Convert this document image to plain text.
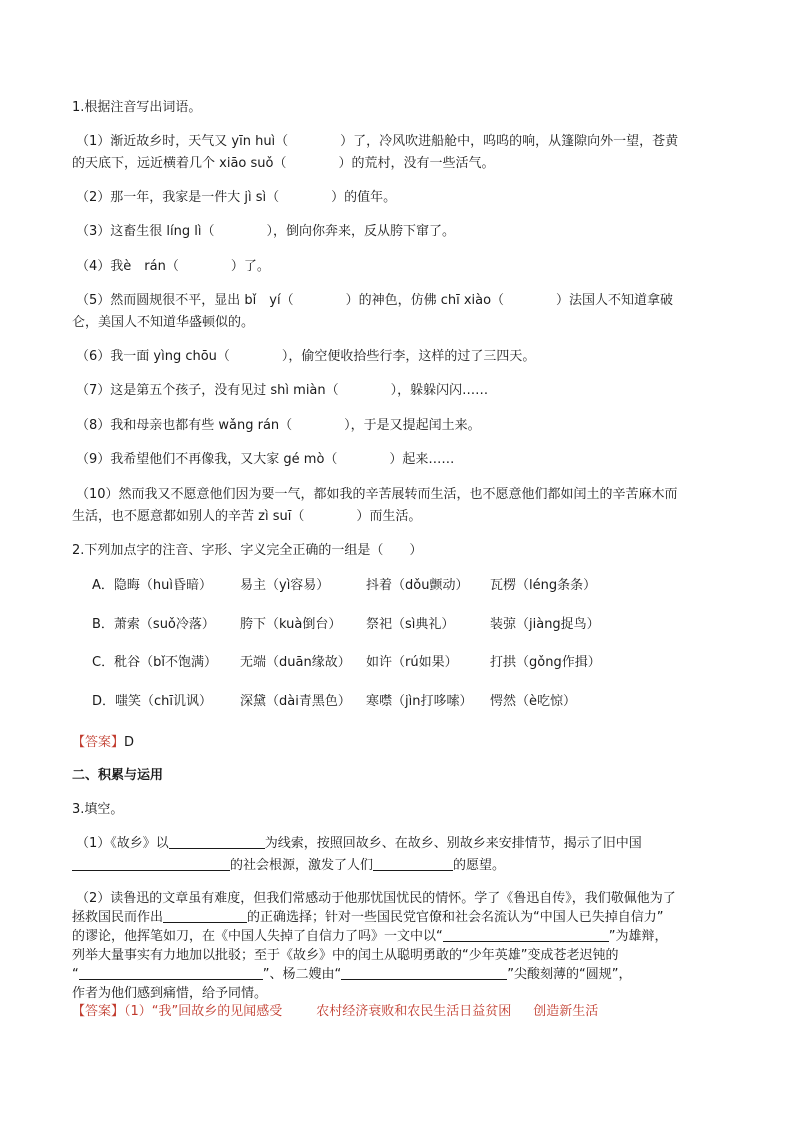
1.根据注音写出词语。
（1）渐近故乡时，天气又 yīn huì（　　　　）了，冷风吹进船舱中，呜呜的响，从篷隙向外一望，苍黄
的天底下，远近横着几个 xiāo suǒ（　　　　）的荒村，没有一些活气。
（2）那一年，我家是一件大 jì sì（　　　　）的值年。
（3）这畜生很 líng lì（　　　　），倒向你奔来，反从胯下窜了。
（4）我è　rán（　　　　）了。
（5）然而圆规很不平，显出 bǐ　yí（　　　　）的神色，仿佛 chī xiào（　　　　）法国人不知道拿破
仑，美国人不知道华盛顿似的。
（6）我一面 yìng chōu（　　　　），偷空便收拾些行李，这样的过了三四天。
（7）这是第五个孩子，没有见过 shì miàn（　　　　），躲躲闪闪……
（8）我和母亲也都有些 wǎng rán（　　　　），于是又提起闰土来。
（9）我希望他们不再像我，又大家 gé mò（　　　　）起来……
（10）然而我又不愿意他们因为要一气，都如我的辛苦展转而生活，也不愿意他们都如闰土的辛苦麻木而
生活，也不愿意都如别人的辛苦 zì suī（　　　　）而生活。
2.下列加点字的注音、字形、字义完全正确的一组是（　　）
A．隐晦（huì昏暗） 易主（yì容易）	抖着（dǒu颤动） 瓦楞（léng条条）
B．萧索（suǒ冷落） 胯下（kuà倒台） 祭祀（sì典礼）	装弶（jiàng捉鸟）
C．秕谷（bǐ不饱满） 无端（duān缘故） 如许（rú如果） 打拱（gǒng作揖）
D．嗤笑（chī讥讽） 深黛（dài青黑色） 寒噤（jìn打哆嗦） 愕然（è吃惊）
【答案】D
二、积累与运用
3.填空。
（1）《故乡》以	为线索，按照回故乡、在故乡、别故乡来安排情节，揭示了旧中国
的社会根源，激发了人们	的愿望。
（2）读鲁迅的文章虽有难度，但我们常感动于他那忧国忧民的情怀。学了《鲁迅自传》，我们敬佩他为了
拯救国民而作出	的正确选择；针对一些国民党官僚和社会名流认为“中国人已失掉自信力”
的谬论，他挥笔如刀，在《中国人失掉了自信力了吗》一文中以“	”为雄辩，
列举大量事实有力地加以批驳；至于《故乡》中的闰土从聪明勇敢的“少年英雄”变成苍老迟钝的
“	”、杨二嫂由“	”尖酸刻薄的“圆规”，
作者为他们感到痛惜，给予同情。
【答案】（1）“我”回故乡的见闻感受	农村经济衰败和农民生活日益贫困 创造新生活
